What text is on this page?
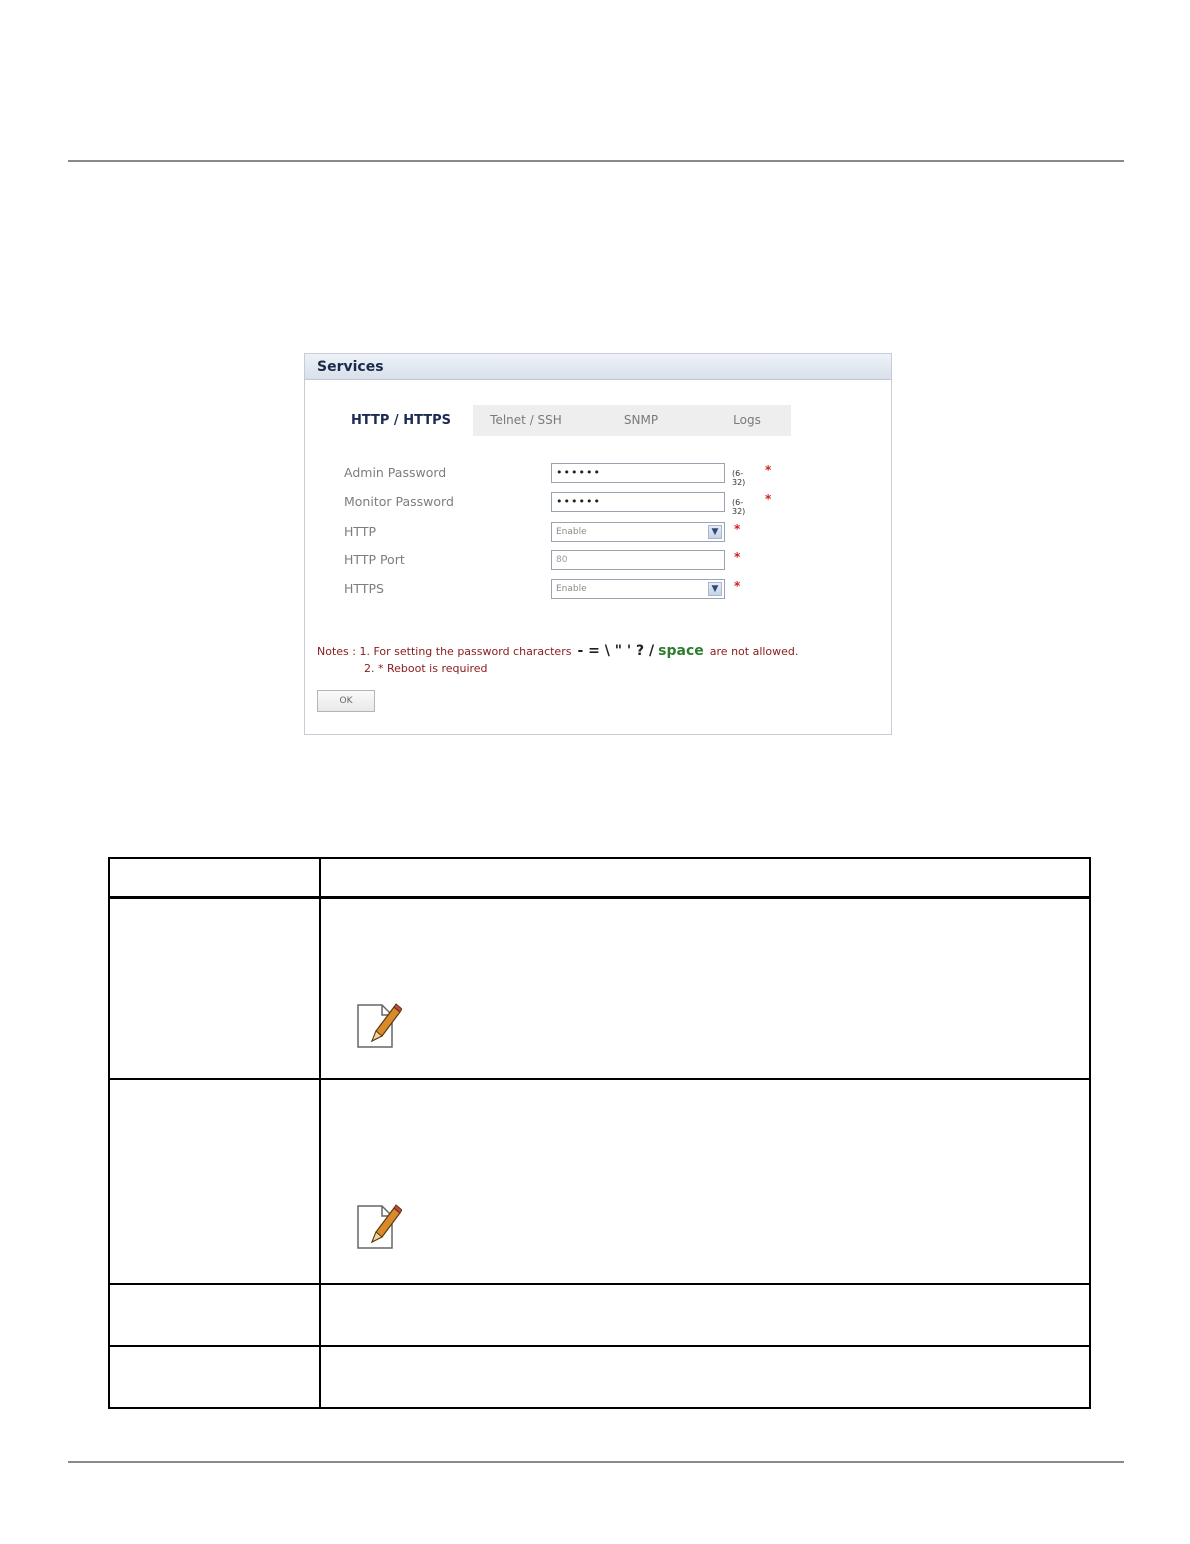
Services
HTTP / HTTPS	Telnet / SSH	SNMP	Logs
Admin Password	••••••	(6-32)
*
Monitor Password	••••••	(6-32)
*
HTTP	Enable	▼ *
HTTP Port	80	*
HTTPS	Enable	▼ *
Notes : 1. For setting the password characters - = \ " ' ? / space are not allowed.
2. * Reboot is required
OK
